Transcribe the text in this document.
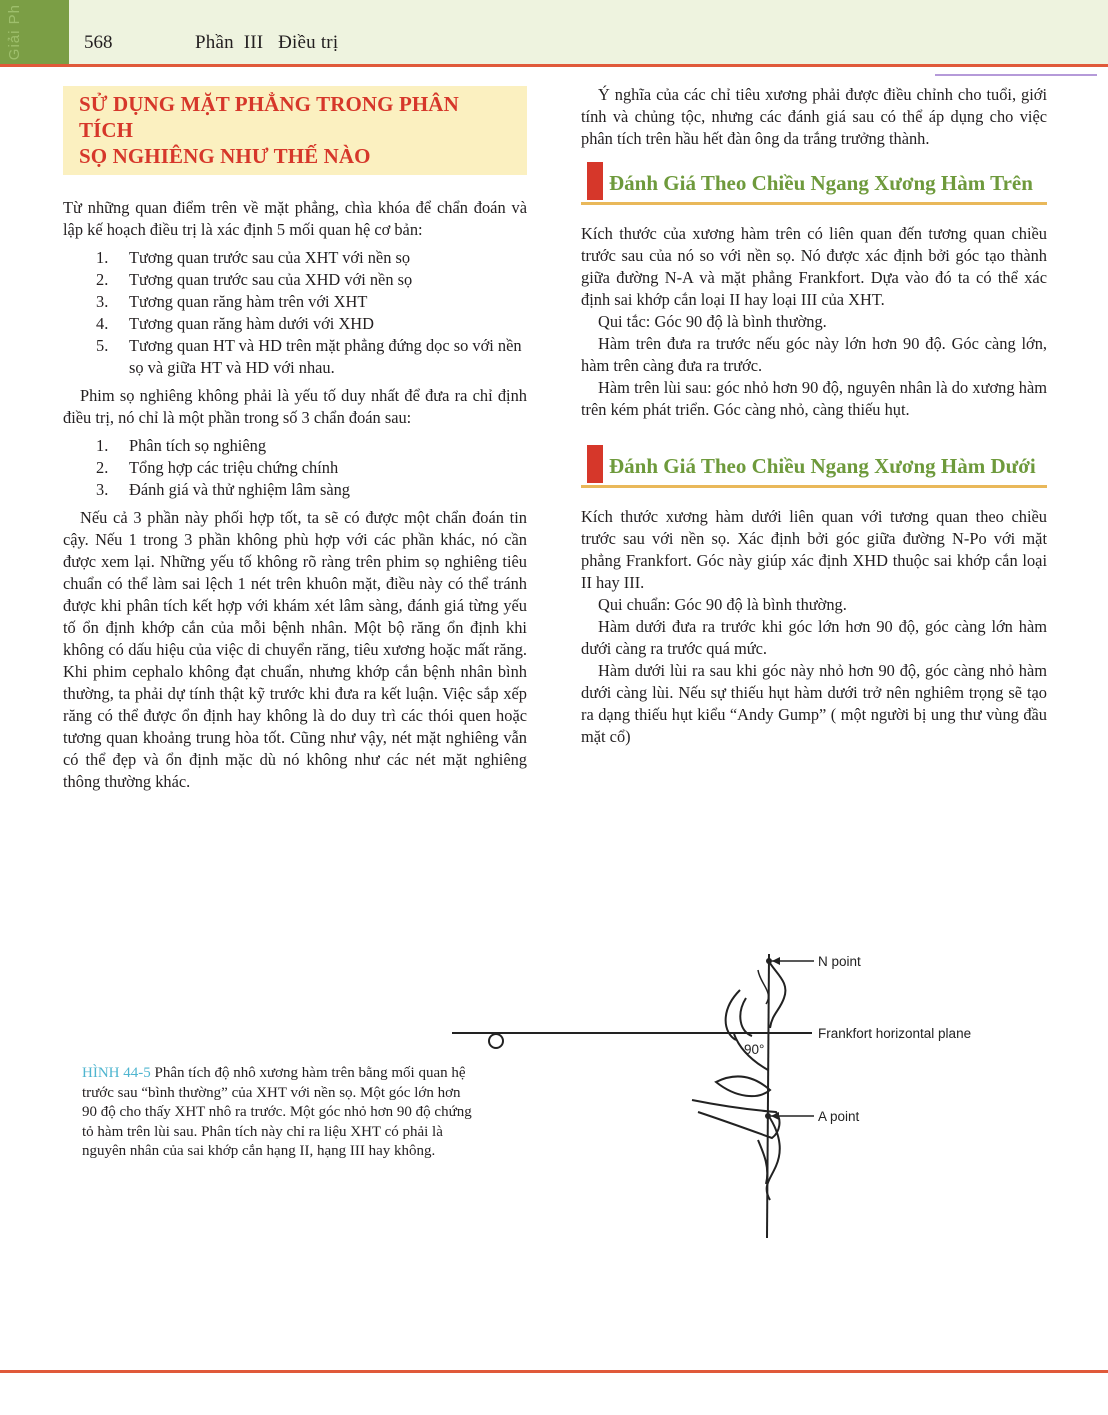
Giải Ph	568	Phần  III   Điều trị
SỬ DỤNG MẶT PHẲNG TRONG PHÂN TÍCH
SỌ NGHIÊNG NHƯ THẾ NÀO

Từ những quan điểm trên về mặt phẳng, chìa khóa để chẩn đoán và lập kế hoạch điều trị là xác định 5 mối quan hệ cơ bản:

1.	Tương quan trước sau của XHT với nền sọ
2.	Tương quan trước sau của XHD với nền sọ
3.	Tương quan răng hàm trên với XHT
4.	Tương quan răng hàm dưới với XHD
5.	Tương quan HT và HD trên mặt phẳng đứng dọc so với nền sọ và giữa HT và HD với nhau.

Phim sọ nghiêng không phải là yếu tố duy nhất để đưa ra chỉ định điều trị, nó chỉ là một phần trong số 3 chẩn đoán sau:

1.	Phân tích sọ nghiêng
2.	Tổng hợp các triệu chứng chính
3.	Đánh giá và thử nghiệm lâm sàng

Nếu cả 3 phần này phối hợp tốt, ta sẽ có được một chẩn đoán tin cậy. Nếu 1 trong 3 phần không phù hợp với các phần khác, nó cần được xem lại. Những yếu tố không rõ ràng trên phim sọ nghiêng tiêu chuẩn có thể làm sai lệch 1 nét trên khuôn mặt, điều này có thể tránh được khi phân tích kết hợp với khám xét lâm sàng, đánh giá từng yếu tố ổn định khớp cắn của mỗi bệnh nhân. Một bộ răng ổn định khi không có dấu hiệu của việc di chuyển răng, tiêu xương hoặc mất răng. Khi phim cephalo không đạt chuẩn, nhưng khớp cắn bệnh nhân bình thường, ta phải dự tính thật kỹ trước khi đưa ra kết luận. Việc sắp xếp răng có thể được ổn định hay không là do duy trì các thói quen hoặc tương quan khoảng trung hòa tốt. Cũng như vậy, nét mặt nghiêng vẫn có thể đẹp và ổn định mặc dù nó không như các nét mặt nghiêng thông thường khác.

Ý nghĩa của các chỉ tiêu xương phải được điều chỉnh cho tuổi, giới tính và chủng tộc, nhưng các đánh giá sau có thể áp dụng cho việc phân tích trên hầu hết đàn ông da trắng trưởng thành.

Đánh Giá Theo Chiều Ngang Xương Hàm Trên

Kích thước của xương hàm trên có liên quan đến tương quan chiều trước sau của nó so với nền sọ. Nó được xác định bởi góc tạo thành giữa đường N-A và mặt phẳng Frankfort. Dựa vào đó ta có thể xác định sai khớp cắn loại II hay loại III của XHT.

Qui tắc: Góc 90 độ là bình thường.

Hàm trên đưa ra trước nếu góc này lớn hơn 90 độ. Góc càng lớn, hàm trên càng đưa ra trước.

Hàm trên lùi sau: góc nhỏ hơn 90 độ, nguyên nhân là do xương hàm trên kém phát triển. Góc càng nhỏ, càng thiếu hụt.

Đánh Giá Theo Chiều Ngang Xương Hàm Dưới

Kích thước xương hàm dưới liên quan với tương quan theo chiều trước sau với nền sọ. Xác định bởi góc giữa đường N-Po với mặt phẳng Frankfort. Góc này giúp xác định XHD thuộc sai khớp cắn loại II hay III.

Qui chuẩn: Góc 90 độ là bình thường.

Hàm dưới đưa ra trước khi góc lớn hơn 90 độ, góc càng lớn hàm dưới càng ra trước quá mức.

Hàm dưới lùi ra sau khi góc này nhỏ hơn 90 độ, góc càng nhỏ hàm dưới càng lùi. Nếu sự thiếu hụt hàm dưới trở nên nghiêm trọng sẽ tạo ra dạng thiếu hụt kiểu “Andy Gump” ( một người bị ung thư vùng đầu mặt cổ)

HÌNH 44-5 Phân tích độ nhô xương hàm trên bằng mối quan hệ trước sau “bình thường” của XHT với nền sọ. Một góc lớn hơn 90 độ cho thấy XHT nhô ra trước. Một góc nhỏ hơn 90 độ chứng tỏ hàm trên lùi sau. Phân tích này chỉ ra liệu XHT có phải là nguyên nhân của sai khớp cắn hạng II, hạng III hay không.
90°
N point
Frankfort horizontal plane
A point
